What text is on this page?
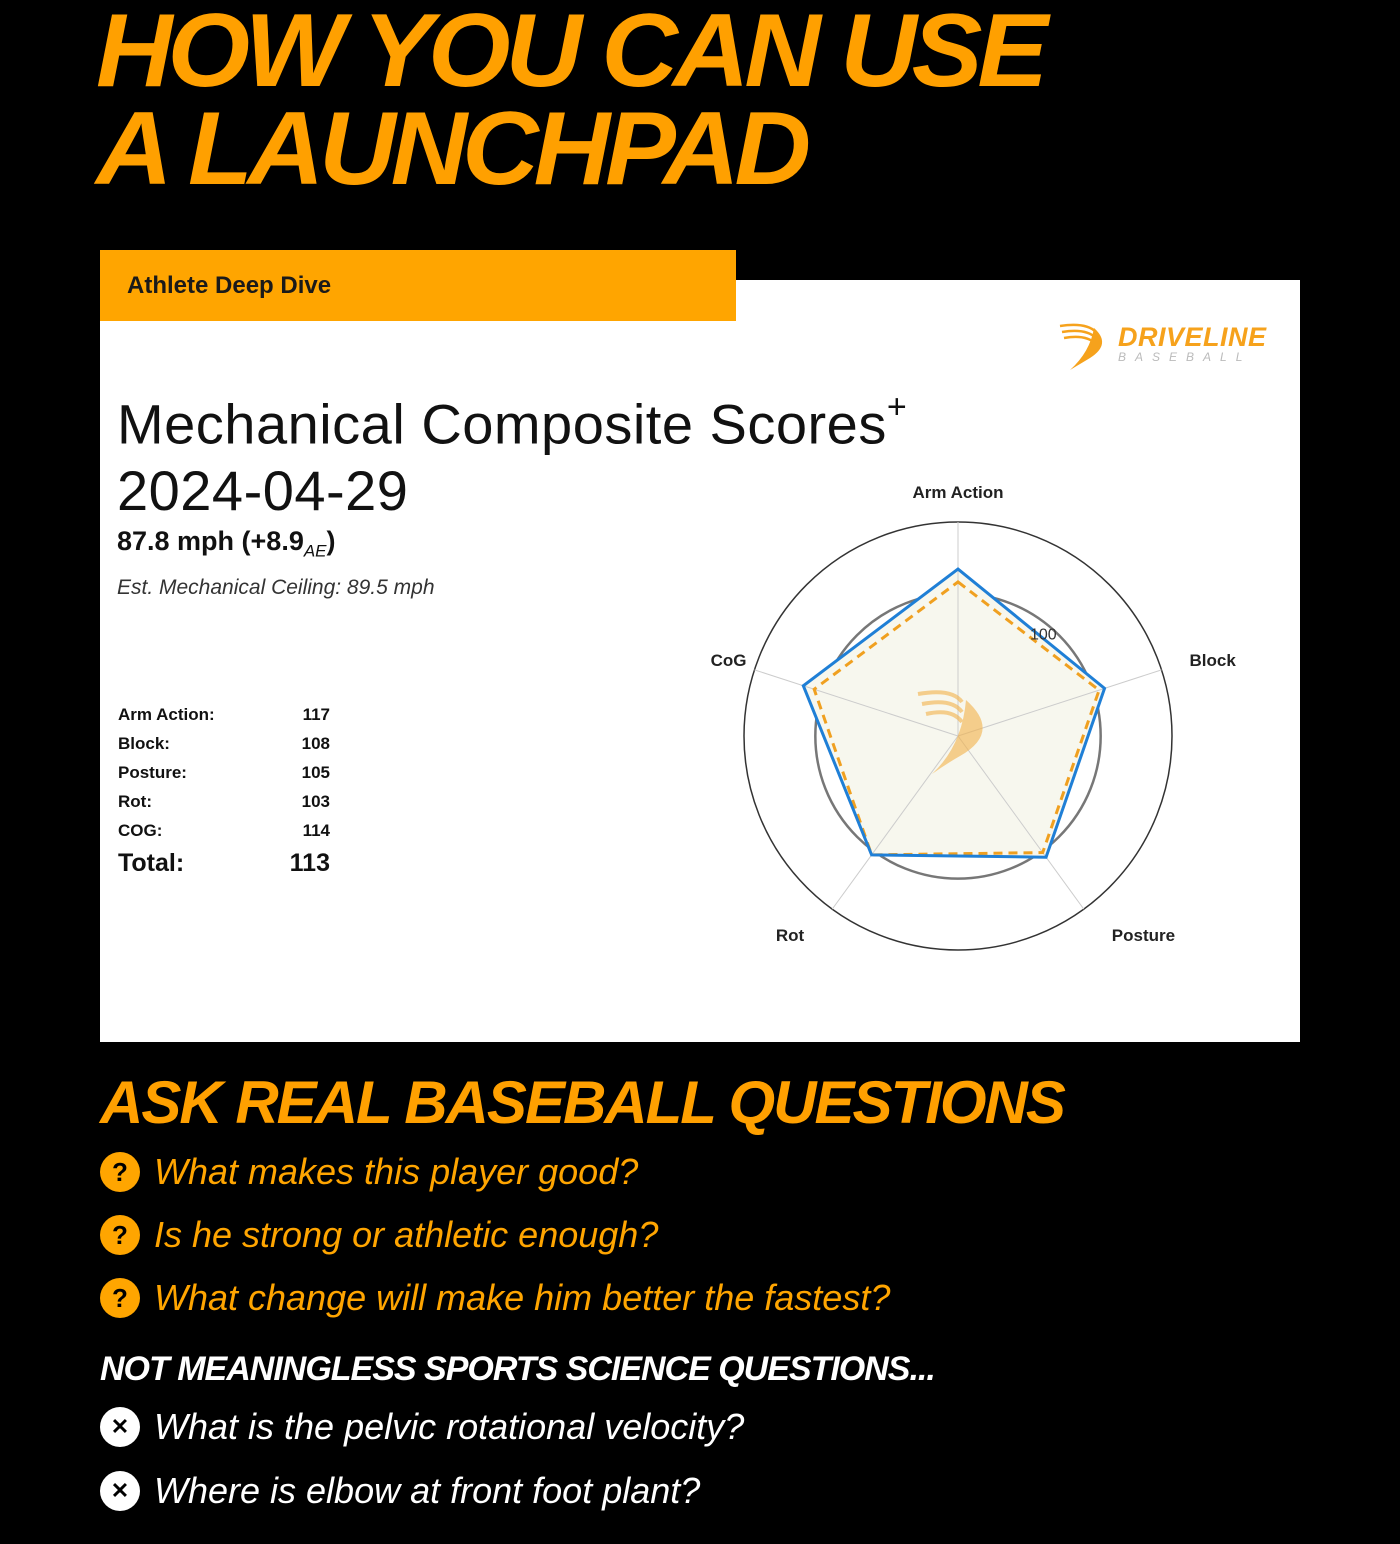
HOW YOU CAN USE
A LAUNCHPAD
Athlete Deep Dive
DRIVELINE
BASEBALL
Mechanical Composite Scores+
2024-04-29
87.8 mph $(+8.9_{AE})$
Est. Mechanical Ceiling: 89.5 mph
Arm Action:	117
Block:	108
Posture:	105
Rot:	103
COG:	114
Total:	113
Arm Action
Block
Posture
Rot
CoG
100
ASK REAL BASEBALL QUESTIONS
? What makes this player good?
? Is he strong or athletic enough?
? What change will make him better the fastest?
NOT MEANINGLESS SPORTS SCIENCE QUESTIONS...
✕ What is the pelvic rotational velocity?
✕ Where is elbow at front foot plant?
